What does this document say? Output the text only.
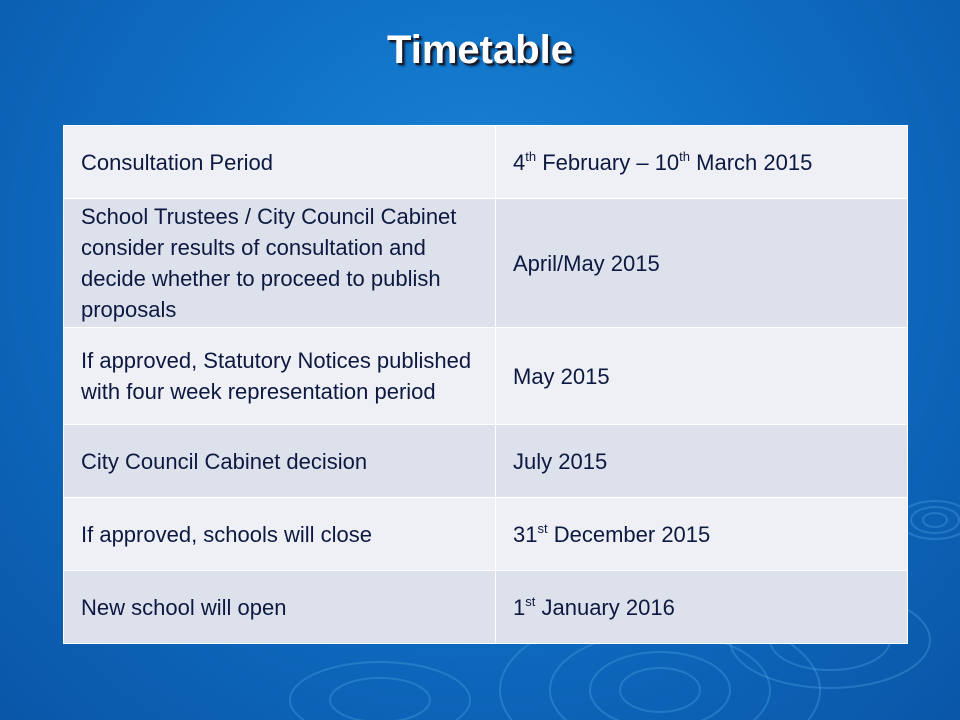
Timetable
Consultation Period	4th February – 10th March 2015
School Trustees / City Council Cabinet consider results of consultation and decide whether to proceed to publish proposals	April/May 2015
If approved, Statutory Notices published with four week representation period	May 2015
City Council Cabinet decision	July 2015
If approved, schools will close	31st December 2015
New school will open	1st January 2016
